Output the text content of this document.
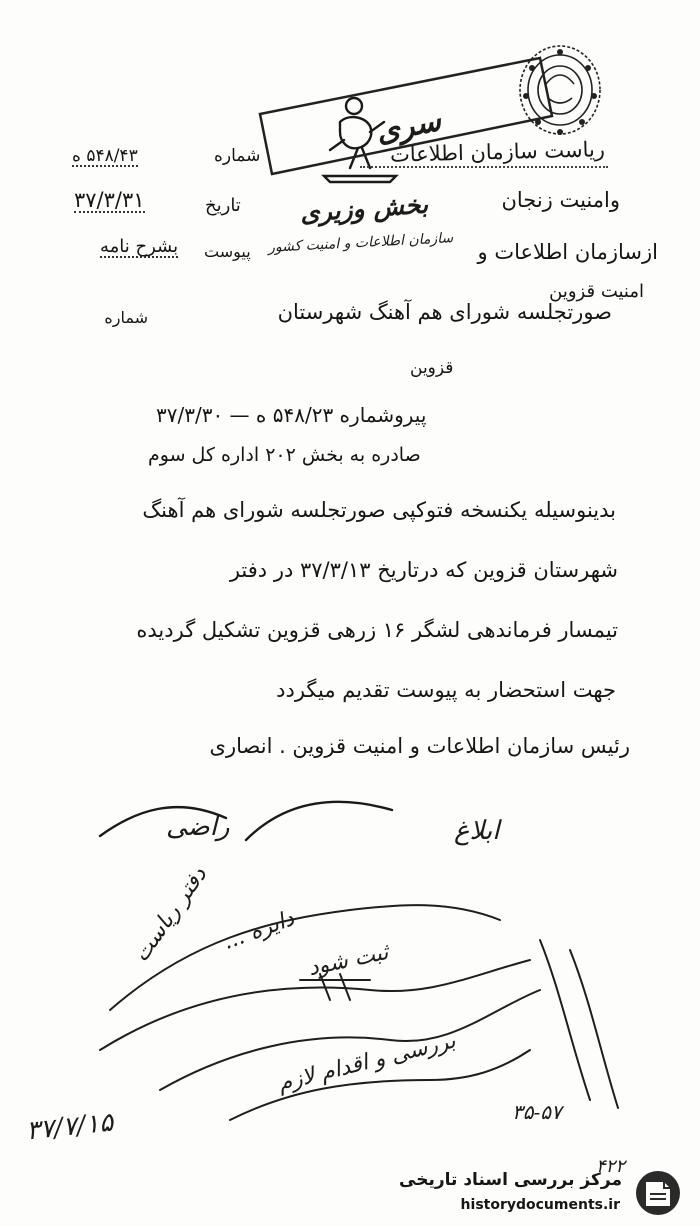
سری
ریاست سازمان اطلاعات
شماره
۵۴۸/۴۳ ه
تاریخ
۳۷/۳/۳۱
پیوست
بشرح نامه
بخش وزیری
سازمان اطلاعات و امنیت کشور
وامنیت زنجان
ازسازمان اطلاعات و
امنیت قزوین
شماره	صورتجلسه شورای هم آهنگ شهرستان
قزوین
پیروشماره ۵۴۸/۲۳ ه — ۳۷/۳/۳۰
صادره به بخش ۲۰۲ اداره کل سوم
بدینوسیله یکنسخه فتوکپی صورتجلسه شورای هم آهنگ
شهرستان قزوین که درتاریخ ۳۷/۳/۱۳ در دفتر
تیمسار فرماندهی لشگر ۱۶ زرهی قزوین تشکیل گردیده
جهت استحضار به پیوست تقدیم میگردد
رئیس سازمان اطلاعات و امنیت قزوین . انصاری
راضی	ابلاغ
دفتر ریاست دایره ...
ثبت شود
بررسی و اقدام لازم
۳۵-۵۷
۳۷/۷/۱۵
۴۲۲
مرکز بررسی اسناد تاریخی
historydocuments.ir
